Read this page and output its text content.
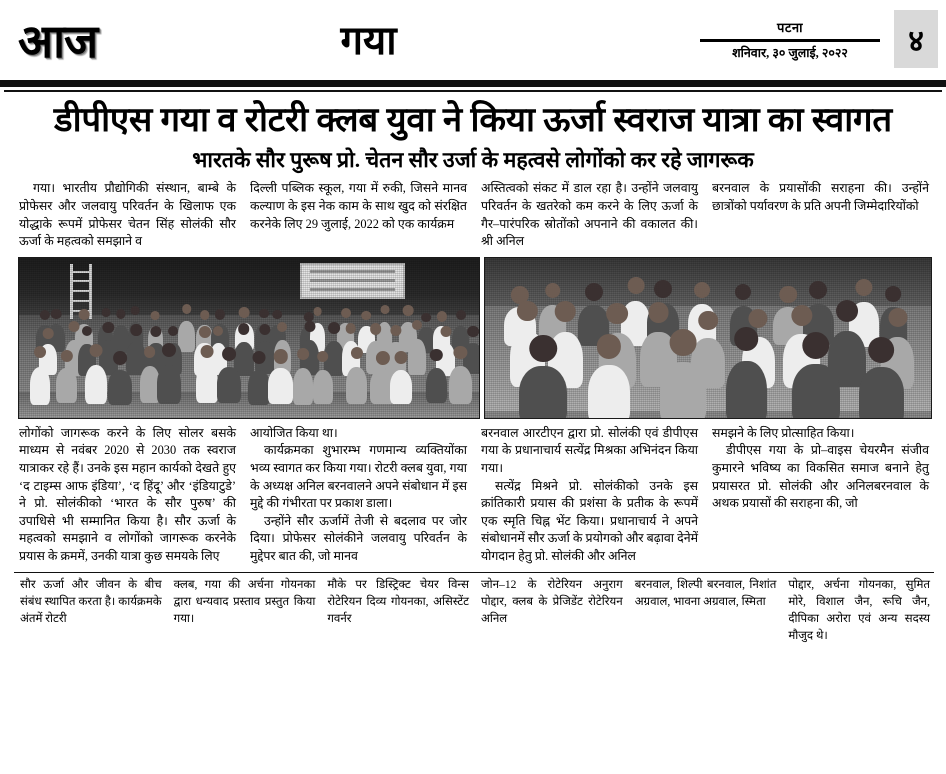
आज	गया	पटना
शनिवार, ३० जुलाई, २०२२	४
डीपीएस गया व रोटरी क्लब युवा ने किया ऊर्जा स्वराज यात्रा का स्वागत
भारतके सौर पुरूष प्रो. चेतन सौर उर्जा के महत्वसे लोगोंको कर रहे जागरूक
गया। भारतीय प्रौद्योगिकी संस्थान, बाम्बे के प्रोफेसर और जलवायु परिवर्तन के खिलाफ एक योद्धाके रूपमें प्रोफेसर चेतन सिंह सोलंकी सौर ऊर्जा के महत्वको समझाने व
दिल्ली पब्लिक स्कूल, गया में रुकी, जिसने मानव कल्याण के इस नेक काम के साथ खुद को संरक्षित करनेके लिए 29 जुलाई, 2022 को एक कार्यक्रम
अस्तित्वको संकट में डाल रहा है। उन्होंने जलवायु परिवर्तन के खतरेको कम करने के लिए ऊर्जा के गैर–पारंपरिक स्रोतोंको अपनाने की वकालत की। श्री अनिल
बरनवाल के प्रयासोंकी सराहना की। उन्होंने छात्रोंको पर्यावरण के प्रति अपनी जिम्मेदारियोंको
लोगोंको जागरूक करने के लिए सोलर बसके माध्यम से नवंबर 2020 से 2030 तक स्वराज यात्राकर रहे हैं। उनके इस महान कार्यको देखते हुए ‘द टाइम्स आफ इंडिया’, ‘द हिंदू’ और ‘इंडियाटुडे’ ने प्रो. सोलंकीको ‘भारत के सौर पुरुष’ की उपाधिसे भी सम्मानित किया है। सौर ऊर्जा के महत्वको समझाने व लोगोंको जागरूक करनेके प्रयास के क्रममें, उनकी यात्रा कुछ समयके लिए
आयोजित किया था।
कार्यक्रमका शुभारम्भ गणमान्य व्यक्तियोंका भव्य स्वागत कर किया गया। रोटरी क्लब युवा, गया के अध्यक्ष अनिल बरनवालने अपने संबोधान में इस मुद्दे की गंभीरता पर प्रकाश डाला।
उन्होंने सौर ऊर्जामें तेजी से बदलाव पर जोर दिया। प्रोफेसर सोलंकीने जलवायु परिवर्तन के मुद्देपर बात की, जो मानव
बरनवाल आरटीएन द्वारा प्रो. सोलंकी एवं डीपीएस गया के प्रधानाचार्य सत्येंद्र मिश्रका अभिनंदन किया गया।
सत्येंद्र मिश्रने प्रो. सोलंकीको उनके इस क्रांतिकारी प्रयास की प्रशंसा के प्रतीक के रूपमें एक स्मृति चिह्न भेंट किया। प्रधानाचार्य ने अपने संबोधानमें सौर ऊर्जा के प्रयोगको और बढ़ावा देनेमें योगदान हेतु प्रो. सोलंकी और अनिल
समझने के लिए प्रोत्साहित किया।
डीपीएस गया के प्रो–वाइस चेयरमैन संजीव कुमारने भविष्य का विकसित समाज बनाने हेतु प्रयासरत प्रो. सोलंकी और अनिलबरनवाल के अथक प्रयासों की सराहना की, जो
सौर ऊर्जा और जीवन के बीच संबंध स्थापित करता है। कार्यक्रमके अंतमें रोटरी
क्लब, गया की अर्चना गोयनका द्वारा धन्यवाद प्रस्ताव प्रस्तुत किया गया।
मौके पर डिस्ट्रिक्ट चेयर विन्स रोटेरियन दिव्य गोयनका, असिस्टेंट गवर्नर
जोन–12 के रोटेरियन अनुराग पोद्दार, क्लब के प्रेजिडेंट रोटेरियन अनिल
बरनवाल, शिल्पी बरनवाल, निशांत अग्रवाल, भावना अग्रवाल, स्मिता
पोद्दार, अर्चना गोयनका, सुमित मोरे, विशाल जैन, रूचि जैन, दीपिका अरोरा एवं अन्य सदस्य मौजुद थे।
